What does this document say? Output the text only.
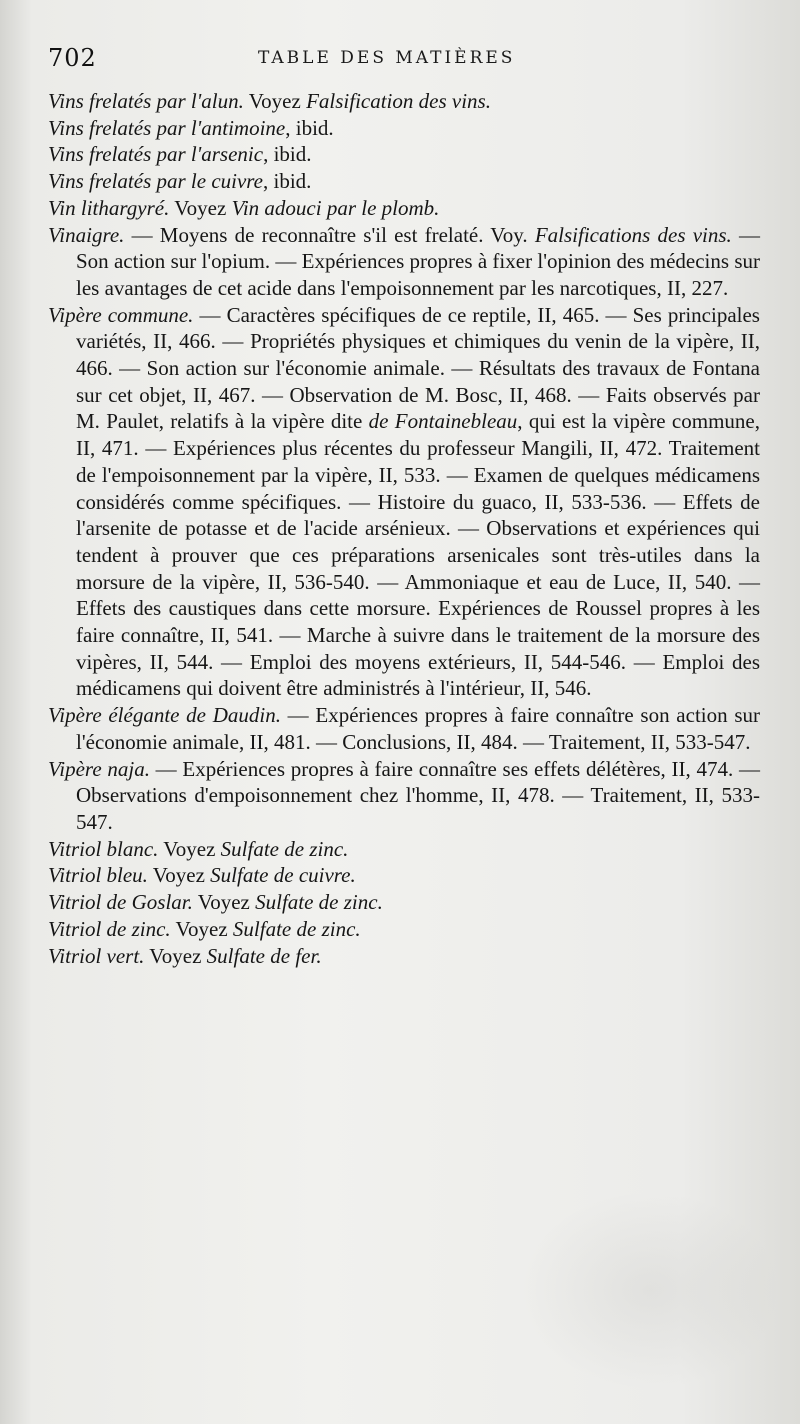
702	TABLE DES MATIÈRES

Vins frelatés par l'alun. Voyez Falsification des vins.

Vins frelatés par l'antimoine, ibid.

Vins frelatés par l'arsenic, ibid.

Vins frelatés par le cuivre, ibid.

Vin lithargyré. Voyez Vin adouci par le plomb.

Vinaigre. — Moyens de reconnaître s'il est frelaté. Voy. Falsifications des vins. — Son action sur l'opium. — Expériences propres à fixer l'opinion des médecins sur les avantages de cet acide dans l'empoisonnement par les narcotiques, II, 227.

Vipère commune. — Caractères spécifiques de ce reptile, II, 465. — Ses principales variétés, II, 466. — Propriétés physiques et chimiques du venin de la vipère, II, 466. — Son action sur l'économie animale. — Résultats des travaux de Fontana sur cet objet, II, 467. — Observation de M. Bosc, II, 468. — Faits observés par M. Paulet, relatifs à la vipère dite de Fontainebleau, qui est la vipère commune, II, 471. — Expériences plus récentes du professeur Mangili, II, 472. Traitement de l'empoisonnement par la vipère, II, 533. — Examen de quelques médicamens considérés comme spécifiques. — Histoire du guaco, II, 533-536. — Effets de l'arsenite de potasse et de l'acide arsénieux. — Observations et expériences qui tendent à prouver que ces préparations arsenicales sont très-utiles dans la morsure de la vipère, II, 536-540. — Ammoniaque et eau de Luce, II, 540. — Effets des caustiques dans cette morsure. Expériences de Roussel propres à les faire connaître, II, 541. — Marche à suivre dans le traitement de la morsure des vipères, II, 544. — Emploi des moyens extérieurs, II, 544-546. — Emploi des médicamens qui doivent être administrés à l'intérieur, II, 546.

Vipère élégante de Daudin. — Expériences propres à faire connaître son action sur l'économie animale, II, 481. — Conclusions, II, 484. — Traitement, II, 533-547.

Vipère naja. — Expériences propres à faire connaître ses effets délétères, II, 474. — Observations d'empoisonnement chez l'homme, II, 478. — Traitement, II, 533-547.

Vitriol blanc. Voyez Sulfate de zinc.

Vitriol bleu. Voyez Sulfate de cuivre.

Vitriol de Goslar. Voyez Sulfate de zinc.

Vitriol de zinc. Voyez Sulfate de zinc.

Vitriol vert. Voyez Sulfate de fer.
